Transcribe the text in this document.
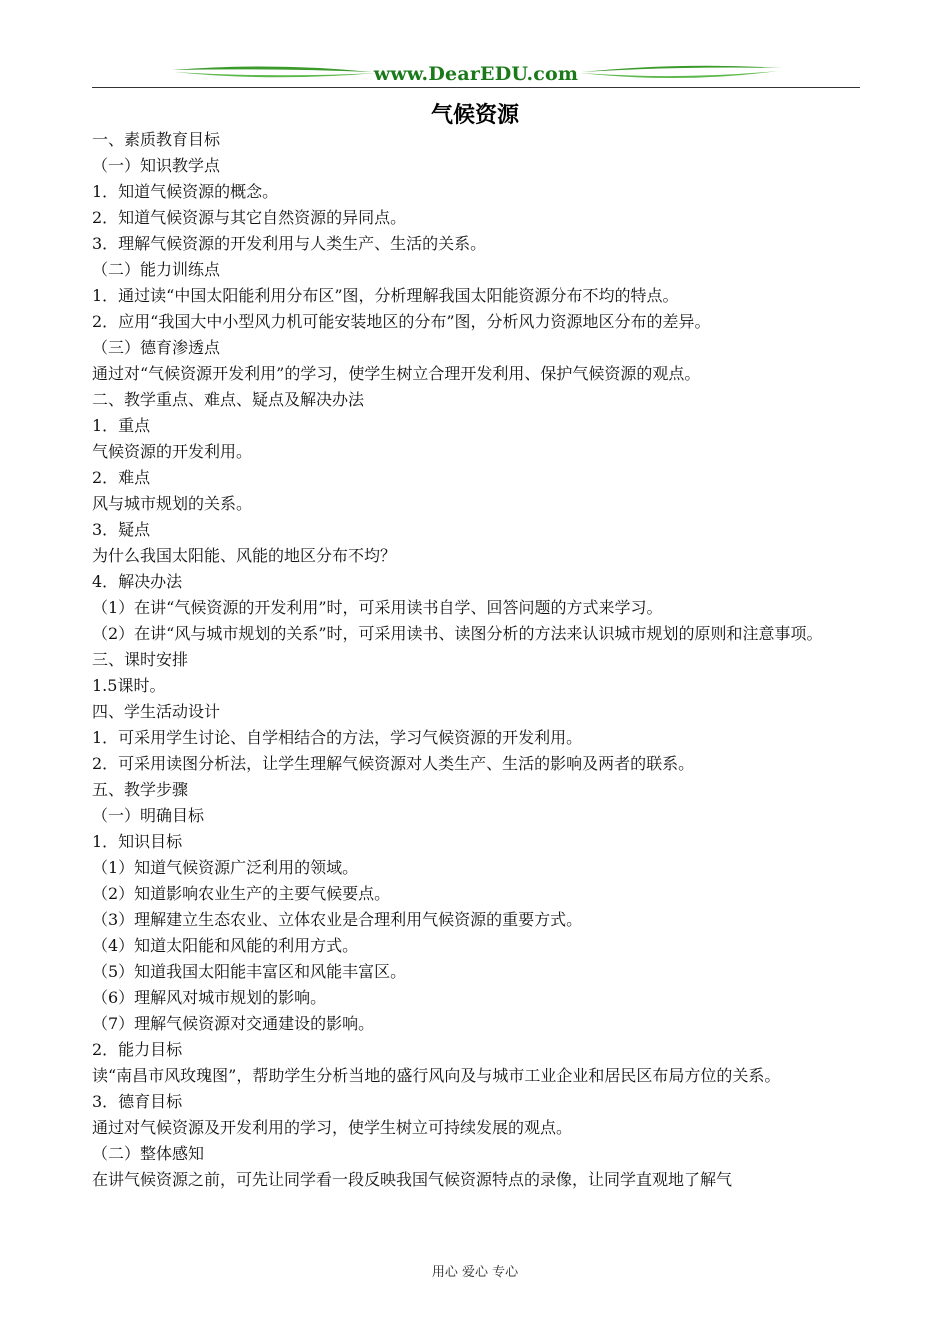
www.DearEDU.com
气候资源
一、素质教育目标
（一）知识教学点
1．知道气候资源的概念。
2．知道气候资源与其它自然资源的异同点。
3．理解气候资源的开发利用与人类生产、生活的关系。
（二）能力训练点
1．通过读“中国太阳能利用分布区”图，分析理解我国太阳能资源分布不均的特点。
2．应用“我国大中小型风力机可能安装地区的分布”图，分析风力资源地区分布的差异。
（三）德育渗透点
通过对“气候资源开发利用”的学习，使学生树立合理开发利用、保护气候资源的观点。
二、教学重点、难点、疑点及解决办法
1．重点
气候资源的开发利用。
2．难点
风与城市规划的关系。
3．疑点
为什么我国太阳能、风能的地区分布不均？
4．解决办法
（1）在讲“气候资源的开发利用”时，可采用读书自学、回答问题的方式来学习。
（2）在讲“风与城市规划的关系”时，可采用读书、读图分析的方法来认识城市规划的原则和注意事项。
三、课时安排
1.5课时。
四、学生活动设计
1．可采用学生讨论、自学相结合的方法，学习气候资源的开发利用。
2．可采用读图分析法，让学生理解气候资源对人类生产、生活的影响及两者的联系。
五、教学步骤
（一）明确目标
1．知识目标
（1）知道气候资源广泛利用的领域。
（2）知道影响农业生产的主要气候要点。
（3）理解建立生态农业、立体农业是合理利用气候资源的重要方式。
（4）知道太阳能和风能的利用方式。
（5）知道我国太阳能丰富区和风能丰富区。
（6）理解风对城市规划的影响。
（7）理解气候资源对交通建设的影响。
2．能力目标
读“南昌市风玫瑰图”，帮助学生分析当地的盛行风向及与城市工业企业和居民区布局方位的关系。
3．德育目标
通过对气候资源及开发利用的学习，使学生树立可持续发展的观点。
（二）整体感知
在讲气候资源之前，可先让同学看一段反映我国气候资源特点的录像，让同学直观地了解气
用心 爱心 专心
